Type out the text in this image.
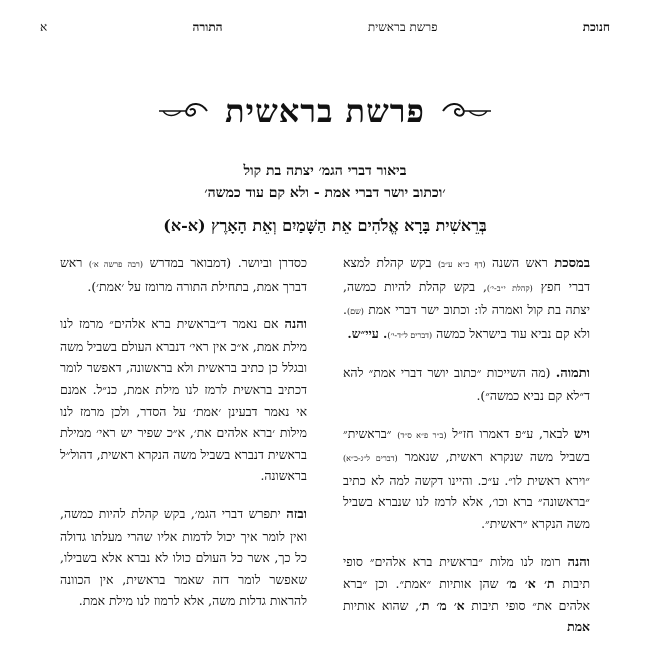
חנוכת
פרשת בראשית
התורה
א
פרשת בראשית
ביאור דברי הגמ׳ יצתה בת קול
׳וכתוב יושר דברי אמת - ולא קם עוד כמשה׳
בְּרֵאשִׁית בָּרָא אֱלֹהִים אֵת הַשָּׁמַיִם וְאֵת הָאָרֶץ (א-א)

במסכת ראש השנה (דף כ״א ע״ב) בקש קהלת למצא דברי חפץ (קהלת י״ב-י׳), בקש קהלת להיות כמשה, יצתה בת קול ואמרה לו: וכתוב ישר דברי אמת (שם). ולא קם נביא עוד בישראל כמשה (דברים ל״ד-י׳). עיי״ש.

ותמוה. (מה השייכות ״כתוב יושר דברי אמת״ להא ד״לא קם נביא כמשה״).

ויש לבאר, ע״פ דאמרו חז״ל (ב״ר פ״א ס״ד) ״בראשית״ בשביל משה שנקרא ראשית, שנאמר (דברים ל״ג-כ״א) ״וירא ראשית לו״. ע״כ. והיינו דקשה למה לא כתיב ״בראשונה״ ברא וכו׳, אלא לרמז לנו שנברא בשביל משה הנקרא ״ראשית״.

והנה רומז לנו מלות ״בראשית ברא אלהים״ סופי תיבות ת׳ א׳ מ׳ שהן אותיות ״אמת״. וכן ״ברא אלהים את״ סופי תיבות א׳ מ׳ ת׳, שהוא אותיות אמת

כסדרן וביושר. (דמבואר במדרש (רבה פרשה א׳) ראש דברך אמת, בתחילת התורה מרומז על ׳אמת׳).

והנה אם נאמר ד״בראשית ברא אלהים״ מרמז לנו מילת אמת, א״כ אין ראי׳ דנברא העולם בשביל משה ובגלל כן כתיב בראשית ולא בראשונה, דאפשר לומר דכתיב בראשית לרמז לנו מילת אמת, כנ״ל. אמנם אי נאמר דבעינן ׳אמת׳ על הסדר, ולכן מרמז לנו מילות ׳ברא אלהים את׳, א״כ שפיר יש ראי׳ ממילת בראשית דנברא בשביל משה הנקרא ראשית, דהול״ל בראשונה.

ובזה יתפרש דברי הגמ׳, בקש קהלת להיות כמשה, ואין לומר איך יכול לדמות אליו שהרי מעלתו גדולה כל כך, אשר כל העולם כולו לא נברא אלא בשבילו, שאפשר לומר דזה שאמר בראשית, אין הכוונה להראות גדלות משה, אלא לרמוז לנו מילת אמת.
